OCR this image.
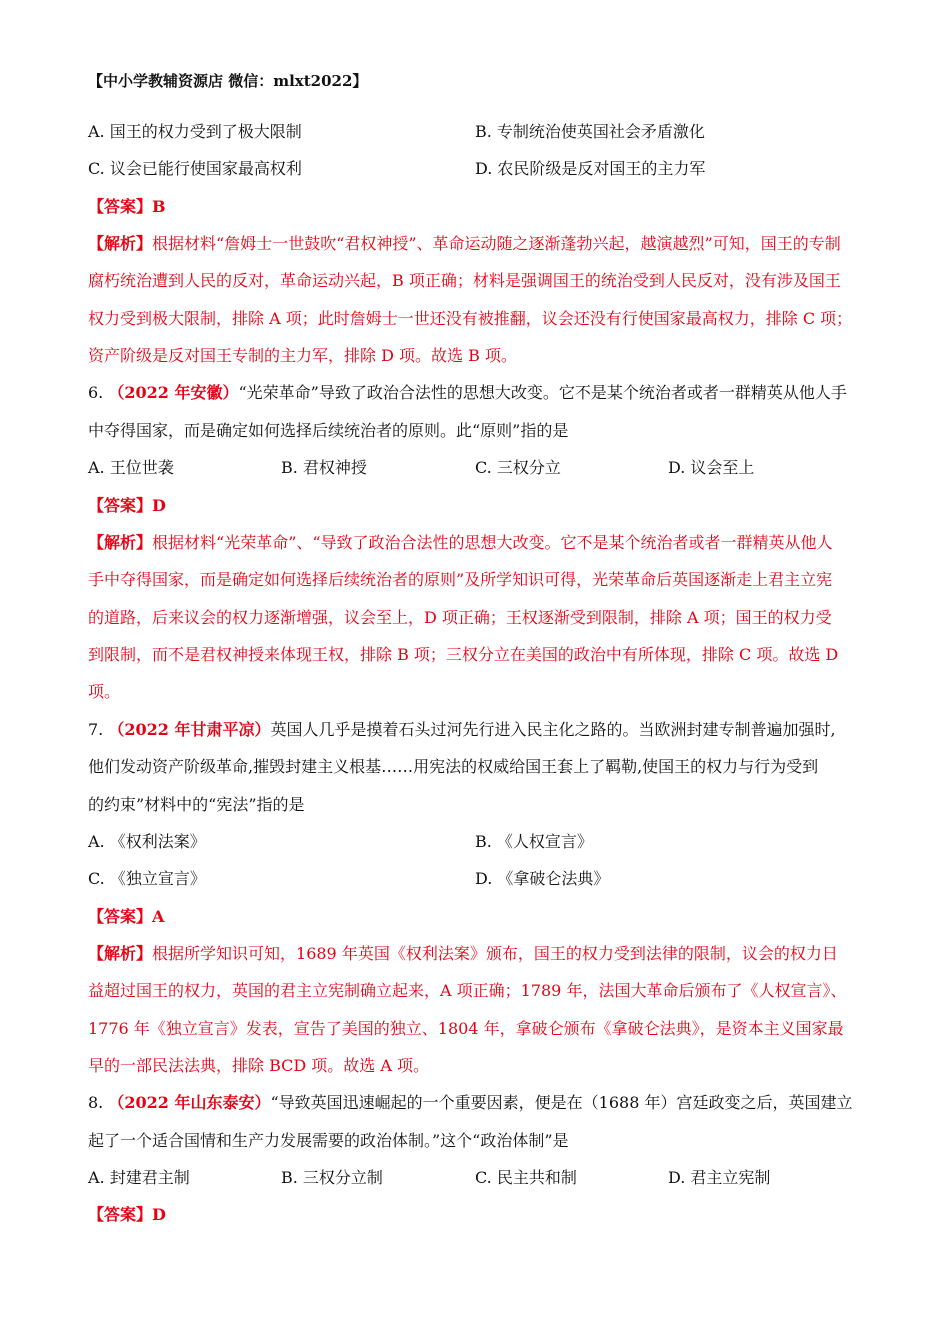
【中小学教辅资源店 微信：mlxt2022】
A. 国王的权力受到了极大限制	B. 专制统治使英国社会矛盾激化
C. 议会已能行使国家最高权利	D. 农民阶级是反对国王的主力军
【答案】B
【解析】根据材料“詹姆士一世鼓吹“君权神授”、革命运动随之逐渐蓬勃兴起，越演越烈”可知，国王的专制
腐朽统治遭到人民的反对，革命运动兴起，B 项正确；材料是强调国王的统治受到人民反对，没有涉及国王
权力受到极大限制，排除 A 项；此时詹姆士一世还没有被推翻，议会还没有行使国家最高权力，排除 C 项；
资产阶级是反对国王专制的主力军，排除 D 项。故选 B 项。
6. （2022 年安徽）“光荣革命”导致了政治合法性的思想大改变。它不是某个统治者或者一群精英从他人手
中夺得国家，而是确定如何选择后续统治者的原则。此“原则”指的是
A. 王位世袭	B. 君权神授	C. 三权分立	D. 议会至上
【答案】D
【解析】根据材料“光荣革命”、“导致了政治合法性的思想大改变。它不是某个统治者或者一群精英从他人
手中夺得国家，而是确定如何选择后续统治者的原则”及所学知识可得，光荣革命后英国逐渐走上君主立宪
的道路，后来议会的权力逐渐增强，议会至上，D 项正确；王权逐渐受到限制，排除 A 项；国王的权力受
到限制，而不是君权神授来体现王权，排除 B 项；三权分立在美国的政治中有所体现，排除 C 项。故选 D
项。
7. （2022 年甘肃平凉）英国人几乎是摸着石头过河先行进入民主化之路的。当欧洲封建专制普遍加强时,
他们发动资产阶级革命,摧毁封建主义根基……用宪法的权威给国王套上了羁勒,使国王的权力与行为受到
的约束”材料中的“宪法”指的是
A. 《权利法案》	B. 《人权宣言》
C. 《独立宣言》	D. 《拿破仑法典》
【答案】A
【解析】根据所学知识可知，1689 年英国《权利法案》颁布，国王的权力受到法律的限制，议会的权力日
益超过国王的权力，英国的君主立宪制确立起来，A 项正确；1789 年，法国大革命后颁布了《人权宣言》、
1776 年《独立宣言》发表，宣告了美国的独立、1804 年，拿破仑颁布《拿破仑法典》，是资本主义国家最
早的一部民法法典，排除 BCD 项。故选 A 项。
8. （2022 年山东泰安）“导致英国迅速崛起的一个重要因素，便是在（1688 年）宫廷政变之后，英国建立
起了一个适合国情和生产力发展需要的政治体制。”这个“政治体制”是
A. 封建君主制	B. 三权分立制	C. 民主共和制	D. 君主立宪制
【答案】D
